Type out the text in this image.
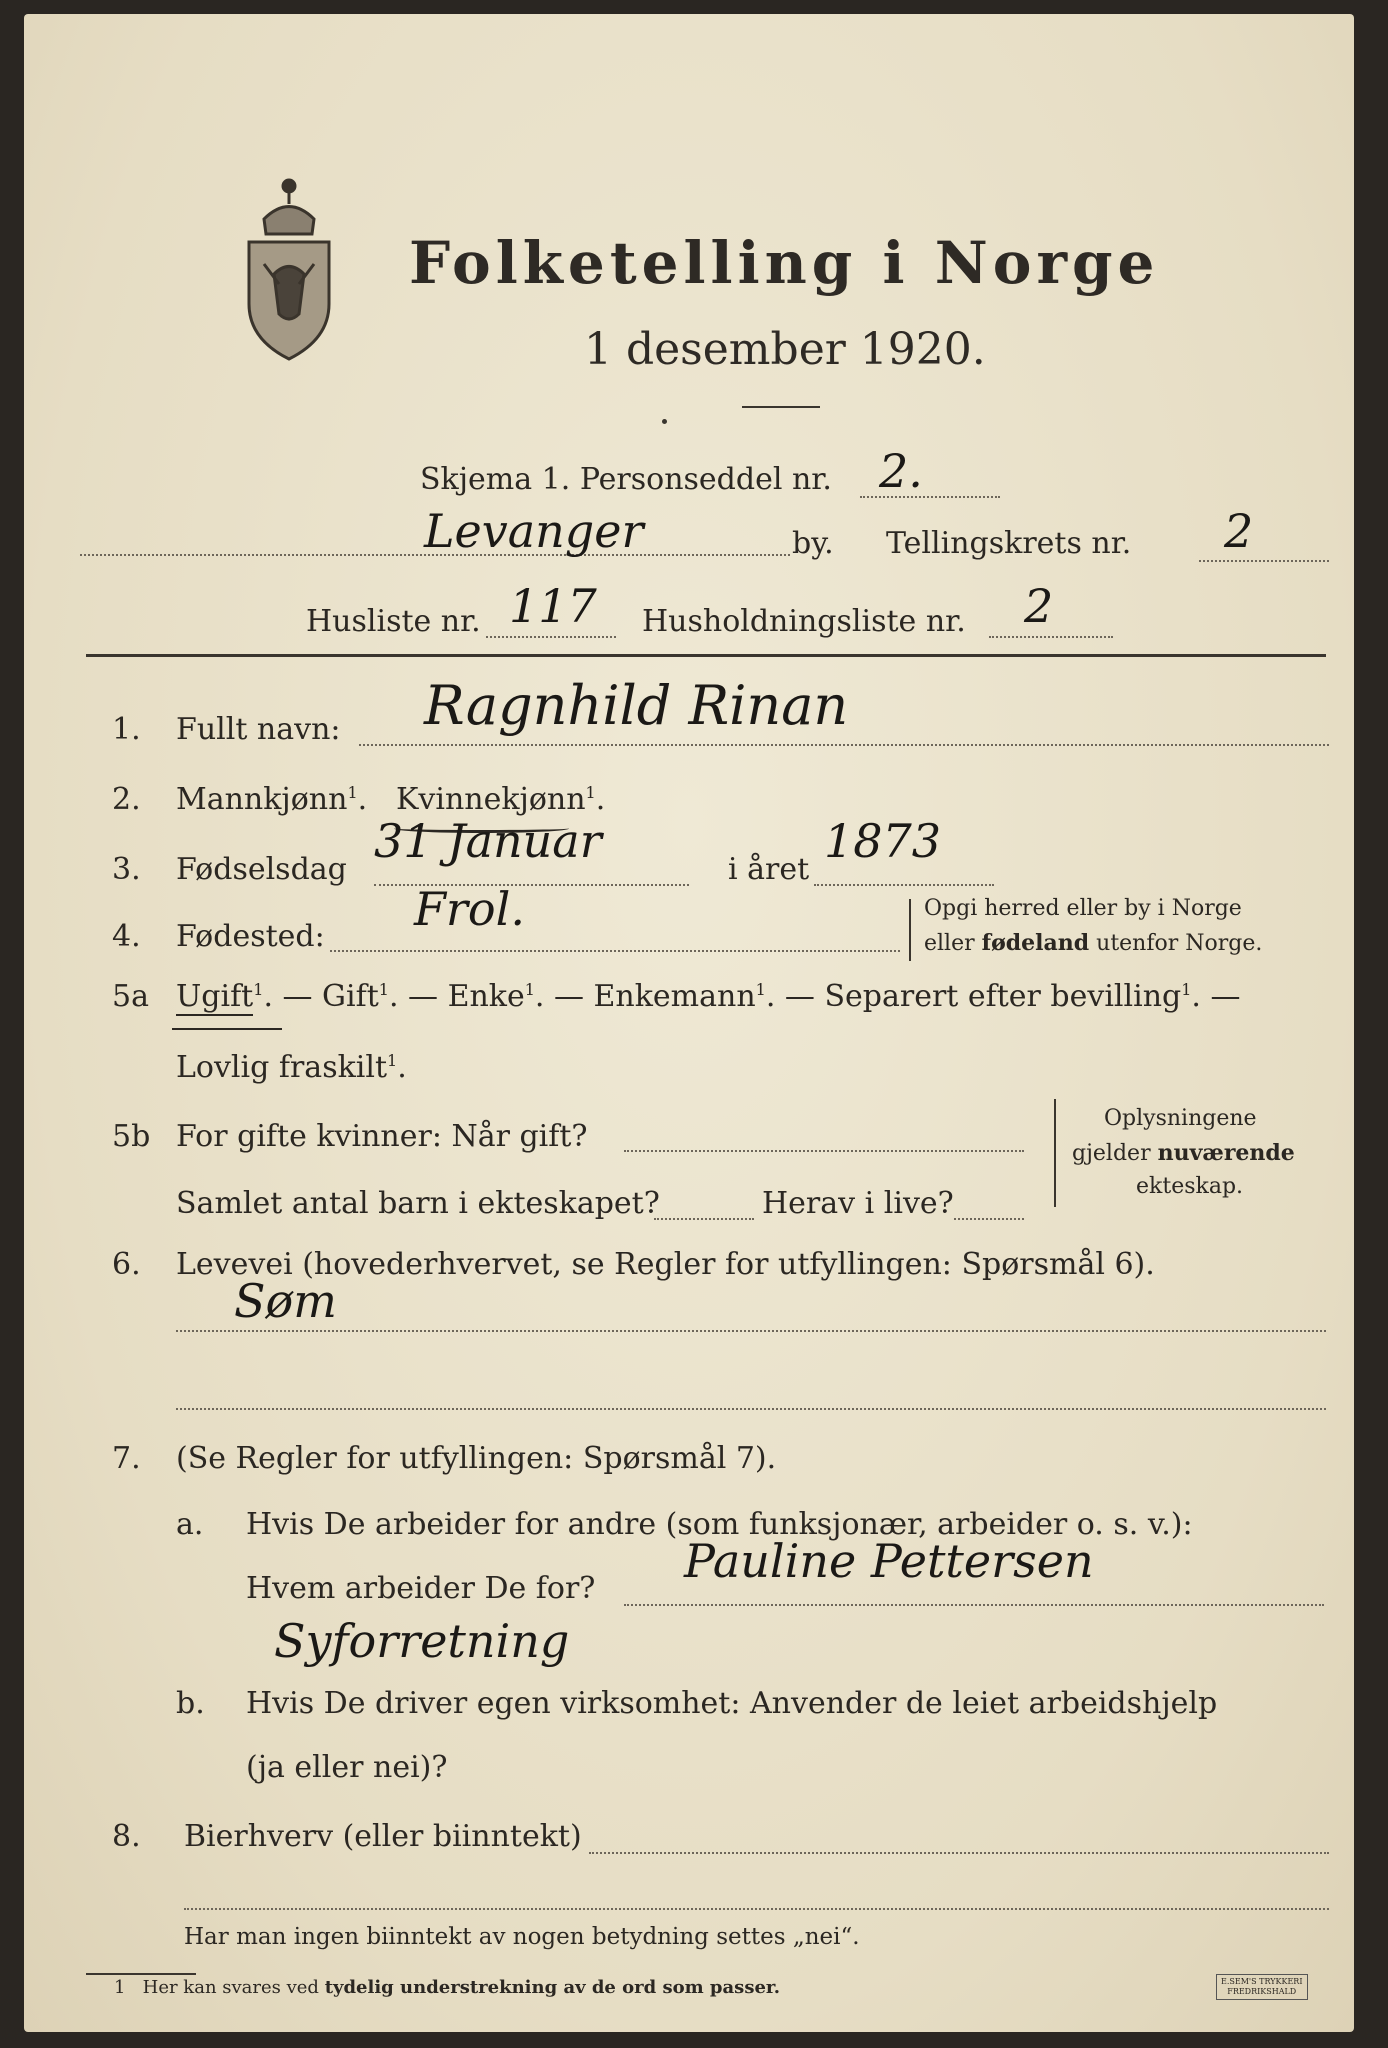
Folketelling i Norge
1 desember 1920.
Skjema 1. Personseddel nr. 2.
Levanger	by. Tellingskrets nr. 2
Husliste nr. 117 Husholdningsliste nr. 2
1. Fullt navn: Ragnhild Rinan
2. Mannkjønn$^1$. Kvinnekjønn$^1$.
3. Fødselsdag
31 Januar
i året
1873
4. Fødested:
Frol.	Opgi herred eller by i Norge
eller fødeland utenfor Norge.
5a Ugift$^1$. — Gift$^1$. — Enke$^1$. — Enkemann$^1$. — Separert efter bevilling$^1$. —
Lovlig fraskilt$^1$.
5b For gifte kvinner: Når gift?
Samlet antal barn i ekteskapet?	Herav i live?
Oplysningene
gjelder nuværende
ekteskap.
6. Levevei (hovederhvervet, se Regler for utfyllingen: Spørsmål 6).
Søm
7. (Se Regler for utfyllingen: Spørsmål 7).
a. Hvis De arbeider for andre (som funksjonær, arbeider o. s. v.):
Hvem arbeider De for?
Pauline Pettersen
Syforretning
b. Hvis De driver egen virksomhet: Anvender de leiet arbeidshjelp
(ja eller nei)?
8. Bierhverv (eller biinntekt)
Har man ingen biinntekt av nogen betydning settes „nei“.
1 Her kan svares ved tydelig understrekning av de ord som passer.	E.SEM'S TRYKKERI
FREDRIKSHALD
